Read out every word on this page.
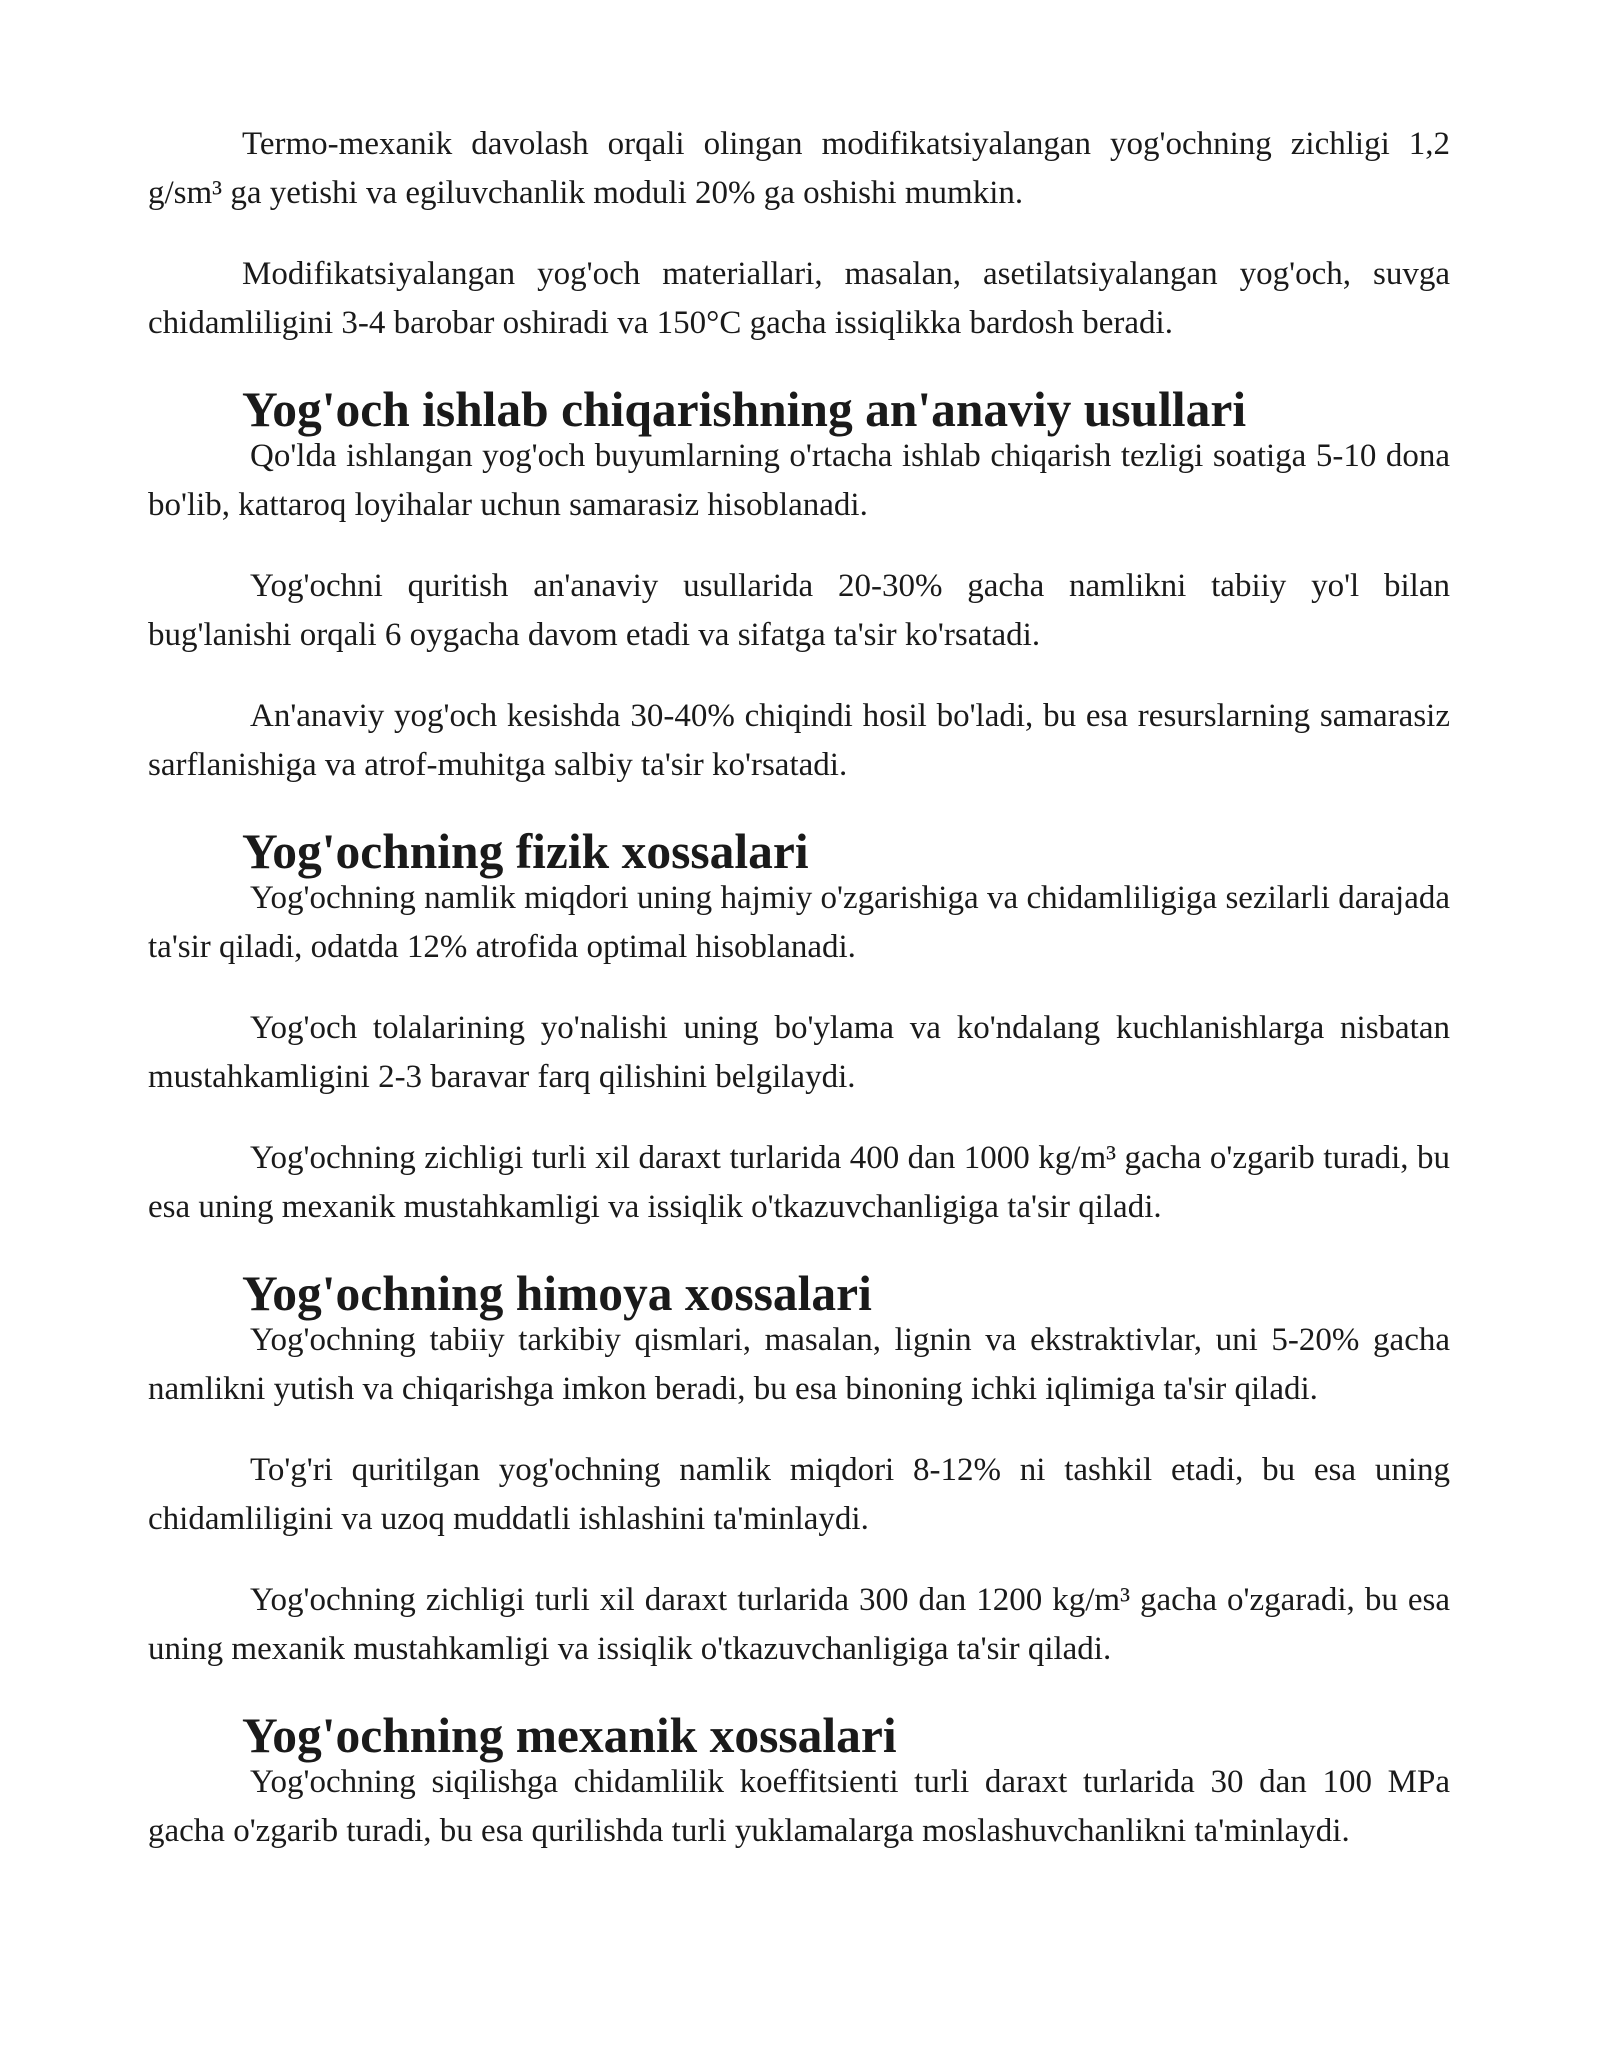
Termo-mexanik davolash orqali olingan modifikatsiyalangan yog'ochning zichligi 1,2 g/sm³ ga yetishi va egiluvchanlik moduli 20% ga oshishi mumkin.

Modifikatsiyalangan yog'och materiallari, masalan, asetilatsiyalangan yog'och, suvga chidamliligini 3-4 barobar oshiradi va 150°C gacha issiqlikka bardosh beradi.

Yog'och ishlab chiqarishning an'anaviy usullari

Qo'lda ishlangan yog'och buyumlarning o'rtacha ishlab chiqarish tezligi soatiga 5-10 dona bo'lib, kattaroq loyihalar uchun samarasiz hisoblanadi.

Yog'ochni quritish an'anaviy usullarida 20-30% gacha namlikni tabiiy yo'l bilan bug'lanishi orqali 6 oygacha davom etadi va sifatga ta'sir ko'rsatadi.

An'anaviy yog'och kesishda 30-40% chiqindi hosil bo'ladi, bu esa resurslarning samarasiz sarflanishiga va atrof-muhitga salbiy ta'sir ko'rsatadi.

Yog'ochning fizik xossalari

Yog'ochning namlik miqdori uning hajmiy o'zgarishiga va chidamliligiga sezilarli darajada ta'sir qiladi, odatda 12% atrofida optimal hisoblanadi.

Yog'och tolalarining yo'nalishi uning bo'ylama va ko'ndalang kuchlanishlarga nisbatan mustahkamligini 2-3 baravar farq qilishini belgilaydi.

Yog'ochning zichligi turli xil daraxt turlarida 400 dan 1000 kg/m³ gacha o'zgarib turadi, bu esa uning mexanik mustahkamligi va issiqlik o'tkazuvchanligiga ta'sir qiladi.

Yog'ochning himoya xossalari

Yog'ochning tabiiy tarkibiy qismlari, masalan, lignin va ekstraktivlar, uni 5-20% gacha namlikni yutish va chiqarishga imkon beradi, bu esa binoning ichki iqlimiga ta'sir qiladi.

To'g'ri quritilgan yog'ochning namlik miqdori 8-12% ni tashkil etadi, bu esa uning chidamliligini va uzoq muddatli ishlashini ta'minlaydi.

Yog'ochning zichligi turli xil daraxt turlarida 300 dan 1200 kg/m³ gacha o'zgaradi, bu esa uning mexanik mustahkamligi va issiqlik o'tkazuvchanligiga ta'sir qiladi.

Yog'ochning mexanik xossalari

Yog'ochning siqilishga chidamlilik koeffitsienti turli daraxt turlarida 30 dan 100 MPa gacha o'zgarib turadi, bu esa qurilishda turli yuklamalarga moslashuvchanlikni ta'minlaydi.
